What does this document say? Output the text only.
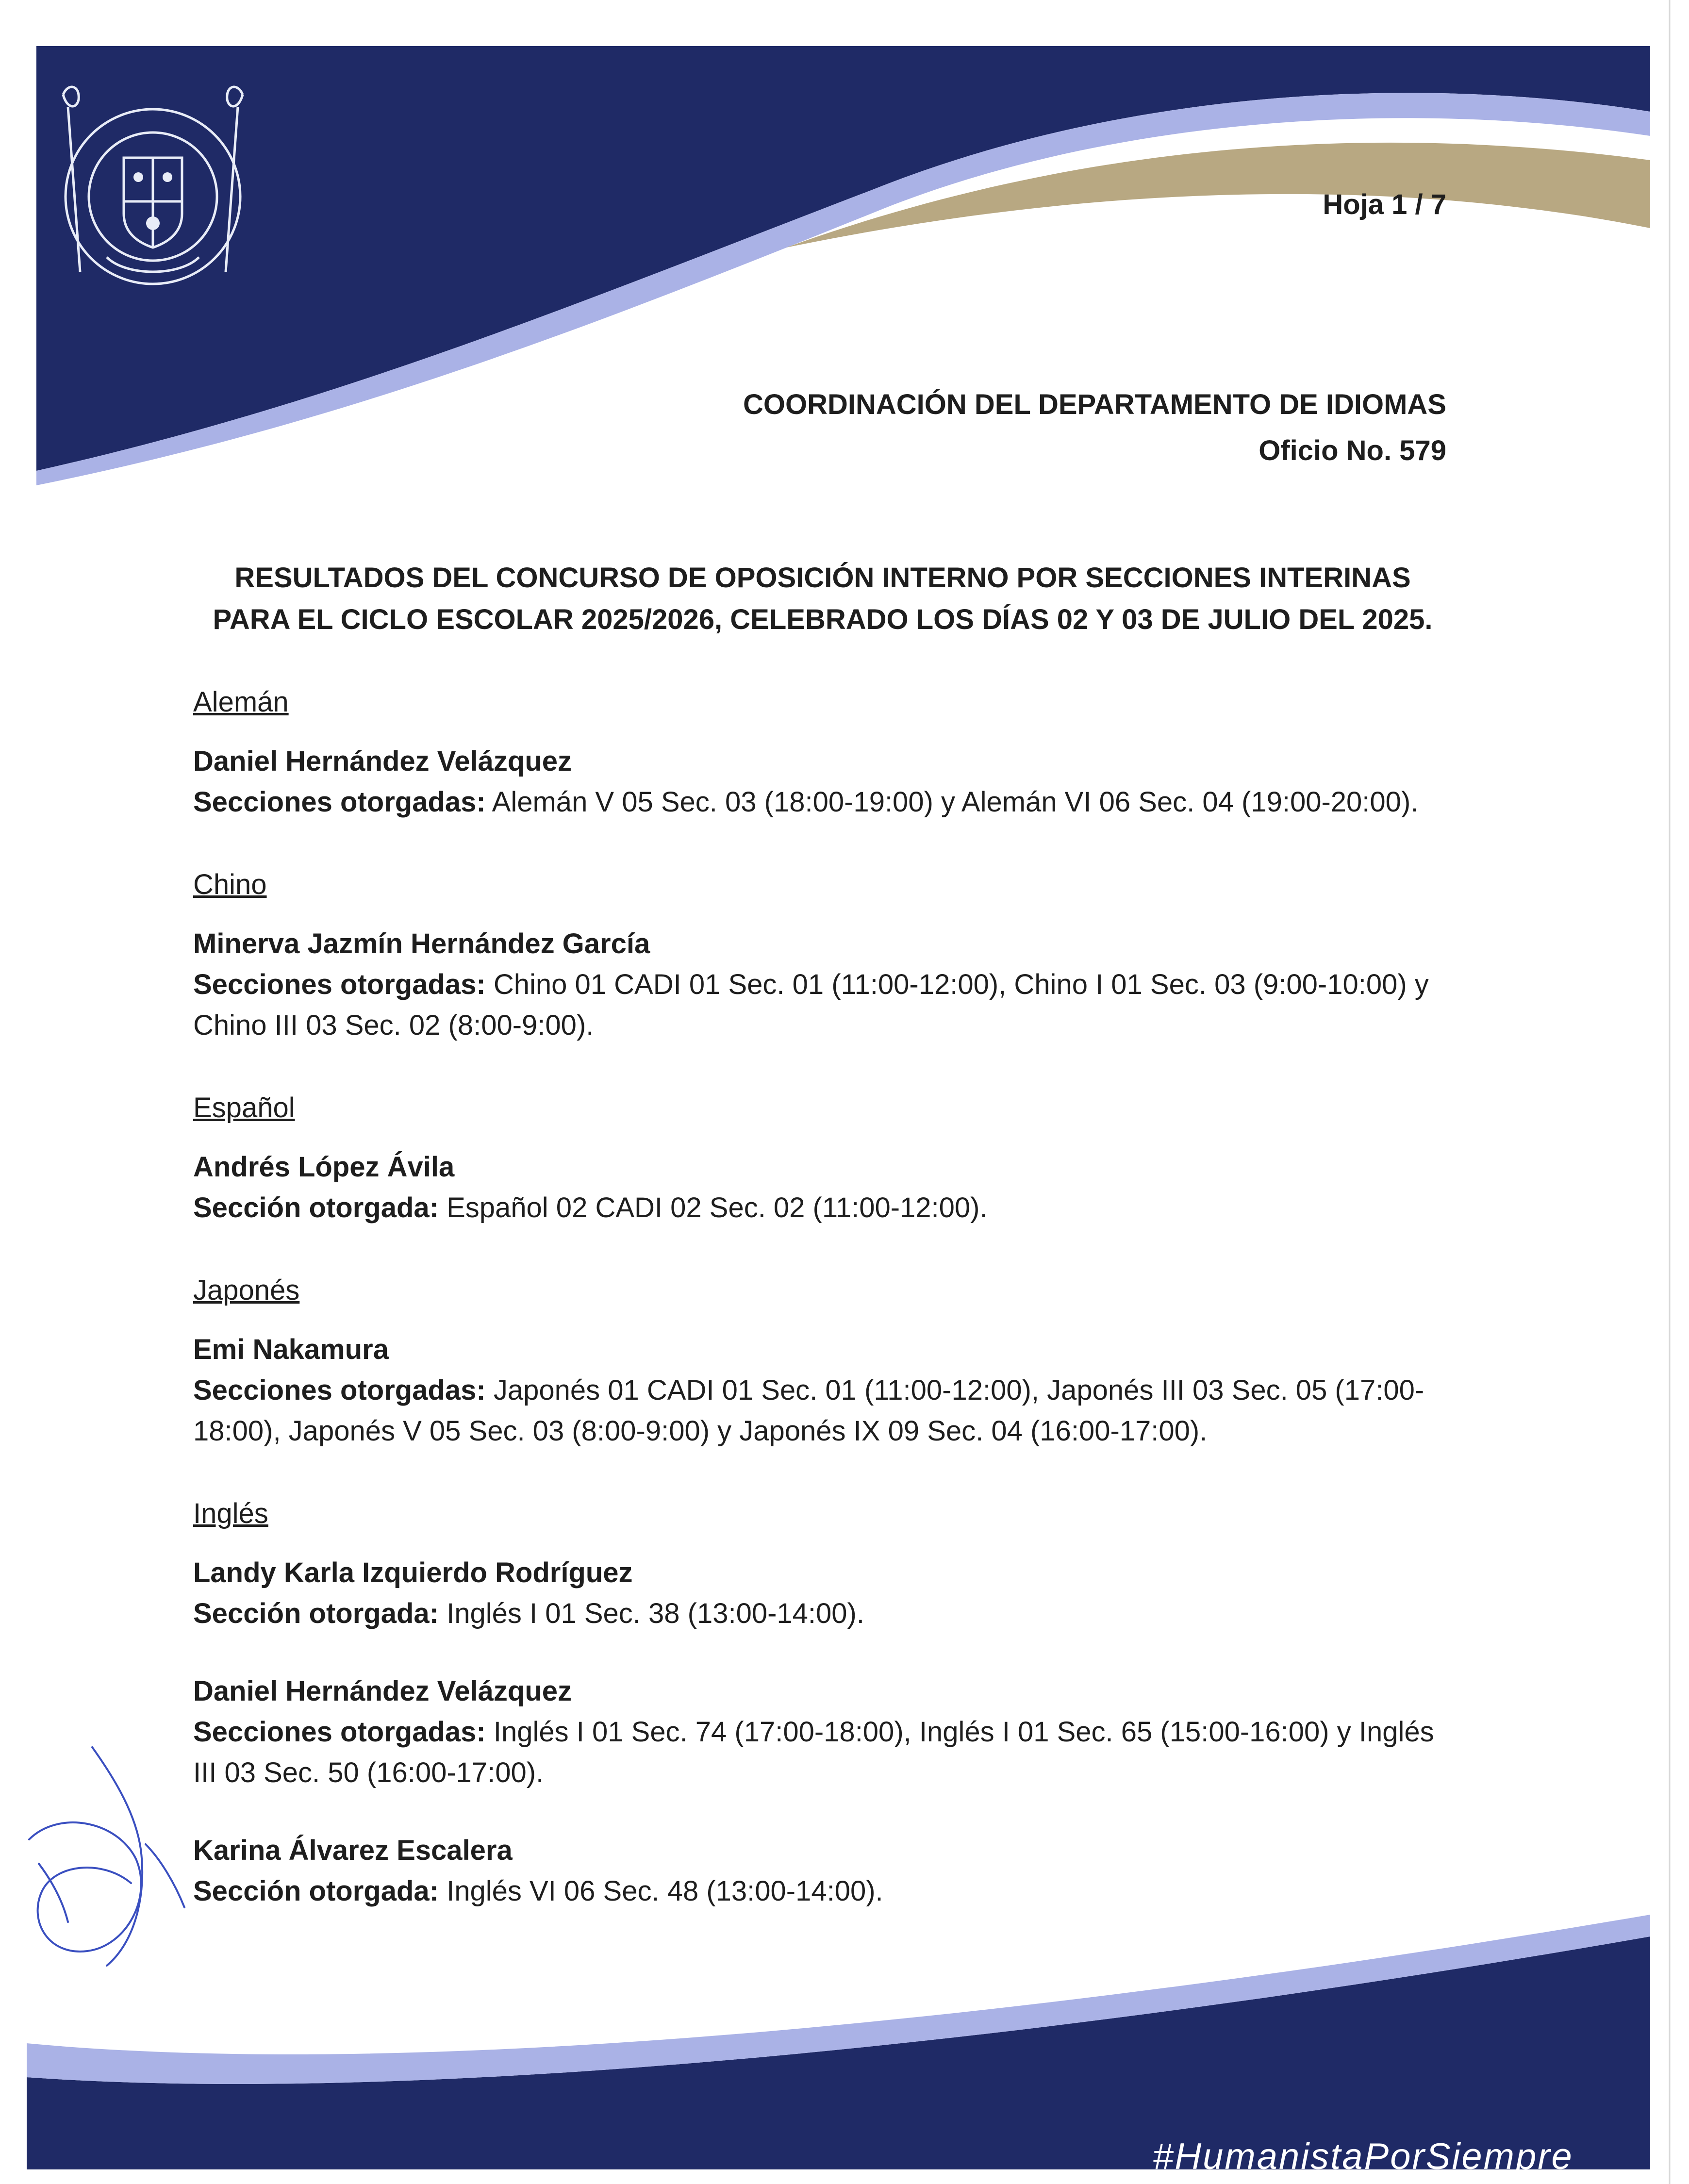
Hoja 1 / 7
COORDINACIÓN DEL DEPARTAMENTO DE IDIOMAS
Oficio No. 579
RESULTADOS DEL CONCURSO DE OPOSICIÓN INTERNO POR SECCIONES INTERINAS
PARA EL CICLO ESCOLAR 2025/2026, CELEBRADO LOS DÍAS 02 Y 03 DE JULIO DEL 2025.
Alemán
Daniel Hernández Velázquez
Secciones otorgadas: Alemán V 05 Sec. 03 (18:00-19:00) y Alemán VI 06 Sec. 04 (19:00-20:00).
Chino
Minerva Jazmín Hernández García
Secciones otorgadas: Chino 01 CADI 01 Sec. 01 (11:00-12:00), Chino I 01 Sec. 03 (9:00-10:00) y Chino III 03 Sec. 02 (8:00-9:00).
Español
Andrés López Ávila
Sección otorgada: Español 02 CADI 02 Sec. 02 (11:00-12:00).
Japonés
Emi Nakamura
Secciones otorgadas: Japonés 01 CADI 01 Sec. 01 (11:00-12:00), Japonés III 03 Sec. 05 (17:00-18:00), Japonés V 05 Sec. 03 (8:00-9:00) y Japonés IX 09 Sec. 04 (16:00-17:00).
Inglés
Landy Karla Izquierdo Rodríguez
Sección otorgada: Inglés I 01 Sec. 38 (13:00-14:00).
Daniel Hernández Velázquez
Secciones otorgadas: Inglés I 01 Sec. 74 (17:00-18:00), Inglés I 01 Sec. 65 (15:00-16:00) y Inglés III 03 Sec. 50 (16:00-17:00).
Karina Álvarez Escalera
Sección otorgada: Inglés VI 06 Sec. 48 (13:00-14:00).
#HumanistaPorSiempre
